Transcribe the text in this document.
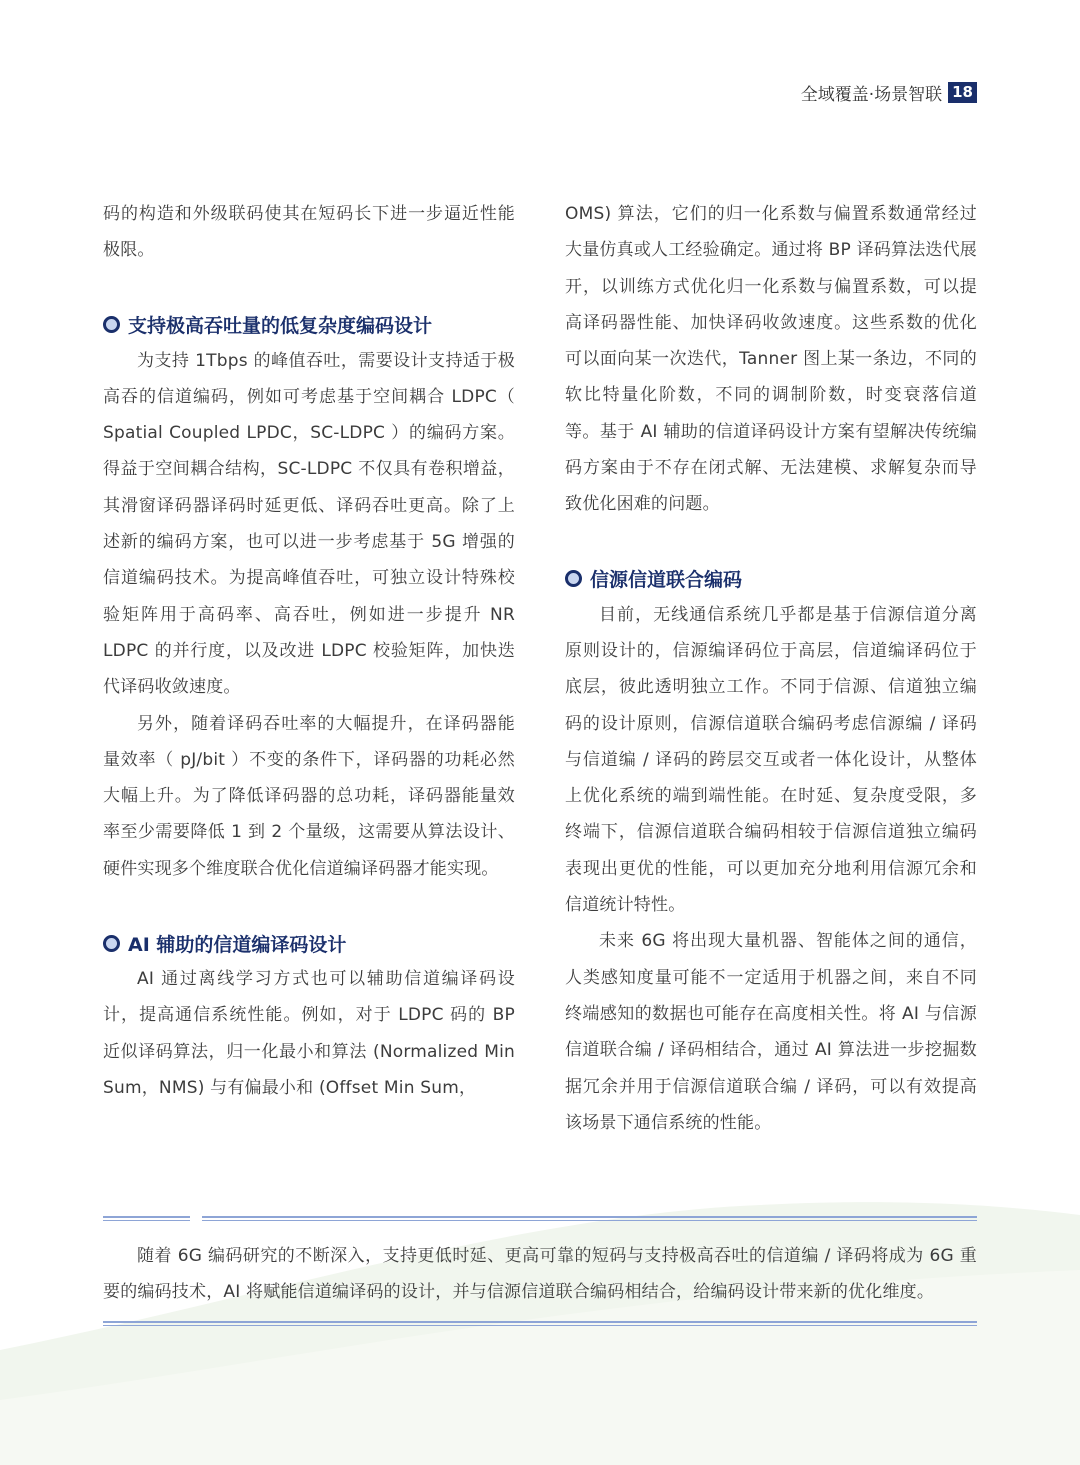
全域覆盖·场景智联 18

码的构造和外级联码使其在短码长下进一步逼近性能极限。

支持极高吞吐量的低复杂度编码设计

为支持 1Tbps 的峰值吞吐，需要设计支持适于极高吞的信道编码，例如可考虑基于空间耦合 LDPC（ Spatial Coupled LPDC，SC-LDPC ）的编码方案。得益于空间耦合结构，SC-LDPC 不仅具有卷积增益，其滑窗译码器译码时延更低、译码吞吐更高。除了上述新的编码方案，也可以进一步考虑基于 5G 增强的信道编码技术。为提高峰值吞吐，可独立设计特殊校验矩阵用于高码率、高吞吐，例如进一步提升 NR LDPC 的并行度，以及改进 LDPC 校验矩阵，加快迭代译码收敛速度。

另外，随着译码吞吐率的大幅提升，在译码器能量效率（ pJ/bit ）不变的条件下，译码器的功耗必然大幅上升。为了降低译码器的总功耗，译码器能量效率至少需要降低 1 到 2 个量级，这需要从算法设计、硬件实现多个维度联合优化信道编译码器才能实现。

AI 辅助的信道编译码设计

AI 通过离线学习方式也可以辅助信道编译码设计，提高通信系统性能。例如，对于 LDPC 码的 BP 近似译码算法，归一化最小和算法 (Normalized Min Sum，NMS) 与有偏最小和 (Offset Min Sum，

OMS) 算法，它们的归一化系数与偏置系数通常经过大量仿真或人工经验确定。通过将 BP 译码算法迭代展开，以训练方式优化归一化系数与偏置系数，可以提高译码器性能、加快译码收敛速度。这些系数的优化可以面向某一次迭代，Tanner 图上某一条边，不同的软比特量化阶数，不同的调制阶数，时变衰落信道等。基于 AI 辅助的信道译码设计方案有望解决传统编码方案由于不存在闭式解、无法建模、求解复杂而导致优化困难的问题。

信源信道联合编码

目前，无线通信系统几乎都是基于信源信道分离原则设计的，信源编译码位于高层，信道编译码位于底层，彼此透明独立工作。不同于信源、信道独立编码的设计原则，信源信道联合编码考虑信源编 / 译码与信道编 / 译码的跨层交互或者一体化设计，从整体上优化系统的端到端性能。在时延、复杂度受限，多终端下，信源信道联合编码相较于信源信道独立编码表现出更优的性能，可以更加充分地利用信源冗余和信道统计特性。

未来 6G 将出现大量机器、智能体之间的通信，人类感知度量可能不一定适用于机器之间，来自不同终端感知的数据也可能存在高度相关性。将 AI 与信源信道联合编 / 译码相结合，通过 AI 算法进一步挖掘数据冗余并用于信源信道联合编 / 译码，可以有效提高该场景下通信系统的性能。

随着 6G 编码研究的不断深入，支持更低时延、更高可靠的短码与支持极高吞吐的信道编 / 译码将成为 6G 重要的编码技术，AI 将赋能信道编译码的设计，并与信源信道联合编码相结合，给编码设计带来新的优化维度。
